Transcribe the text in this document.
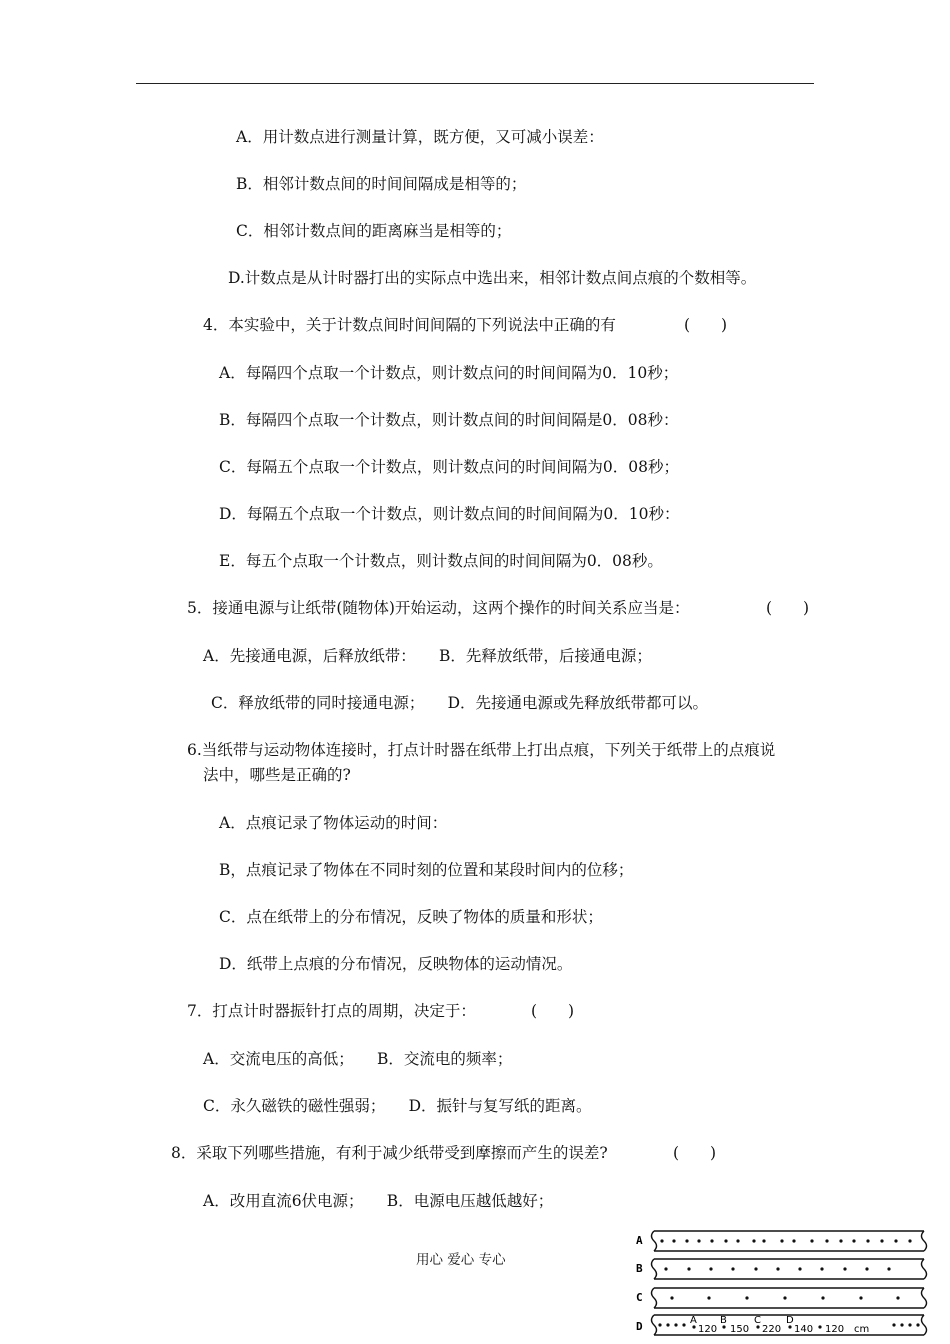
A．用计数点进行测量计算，既方便，又可减小误差：
B．相邻计数点间的时间间隔成是相等的；
C．相邻计数点间的距离麻当是相等的；
D.计数点是从计时器打出的实际点中选出来，相邻计数点间点痕的个数相等。
4．本实验中，关于计数点间时间间隔的下列说法中正确的有	(　　)
A．每隔四个点取一个计数点，则计数点问的时间间隔为0．10秒；
B．每隔四个点取一个计数点，则计数点间的时间间隔是0．08秒：
C．每隔五个点取一个计数点，则计数点问的时间间隔为0．08秒；
D．每隔五个点取一个计数点，则计数点间的时间间隔为0．10秒：
E．每五个点取一个计数点，则计数点间的时间间隔为0．08秒。
5．接通电源与让纸带(随物体)开始运动，这两个操作的时间关系应当是：	(　　)
A．先接通电源，后释放纸带：　　B．先释放纸带，后接通电源；
C．释放纸带的同时接通电源；　　D．先接通电源或先释放纸带都可以。
6.当纸带与运动物体连接时，打点计时器在纸带上打出点痕，下列关于纸带上的点痕说
法中，哪些是正确的?
A．点痕记录了物体运动的时间：
B，点痕记录了物体在不同时刻的位置和某段时间内的位移；
C．点在纸带上的分布情况，反映了物体的质量和形状；
D．纸带上点痕的分布情况，反映物体的运动情况。
7．打点计时器振针打点的周期，决定于：	(　　)
A．交流电压的高低；　　B．交流电的频率；
C．永久磁铁的磁性强弱；　　D．振针与复写纸的距离。
8．采取下列哪些措施，有利于减少纸带受到摩擦而产生的误差?	(　　)
A．改用直流6伏电源；　　B．电源电压越低越好；
用心 爱心 专心
A
B
C
D	A B	C	D
120 150 220 140 120 cm
